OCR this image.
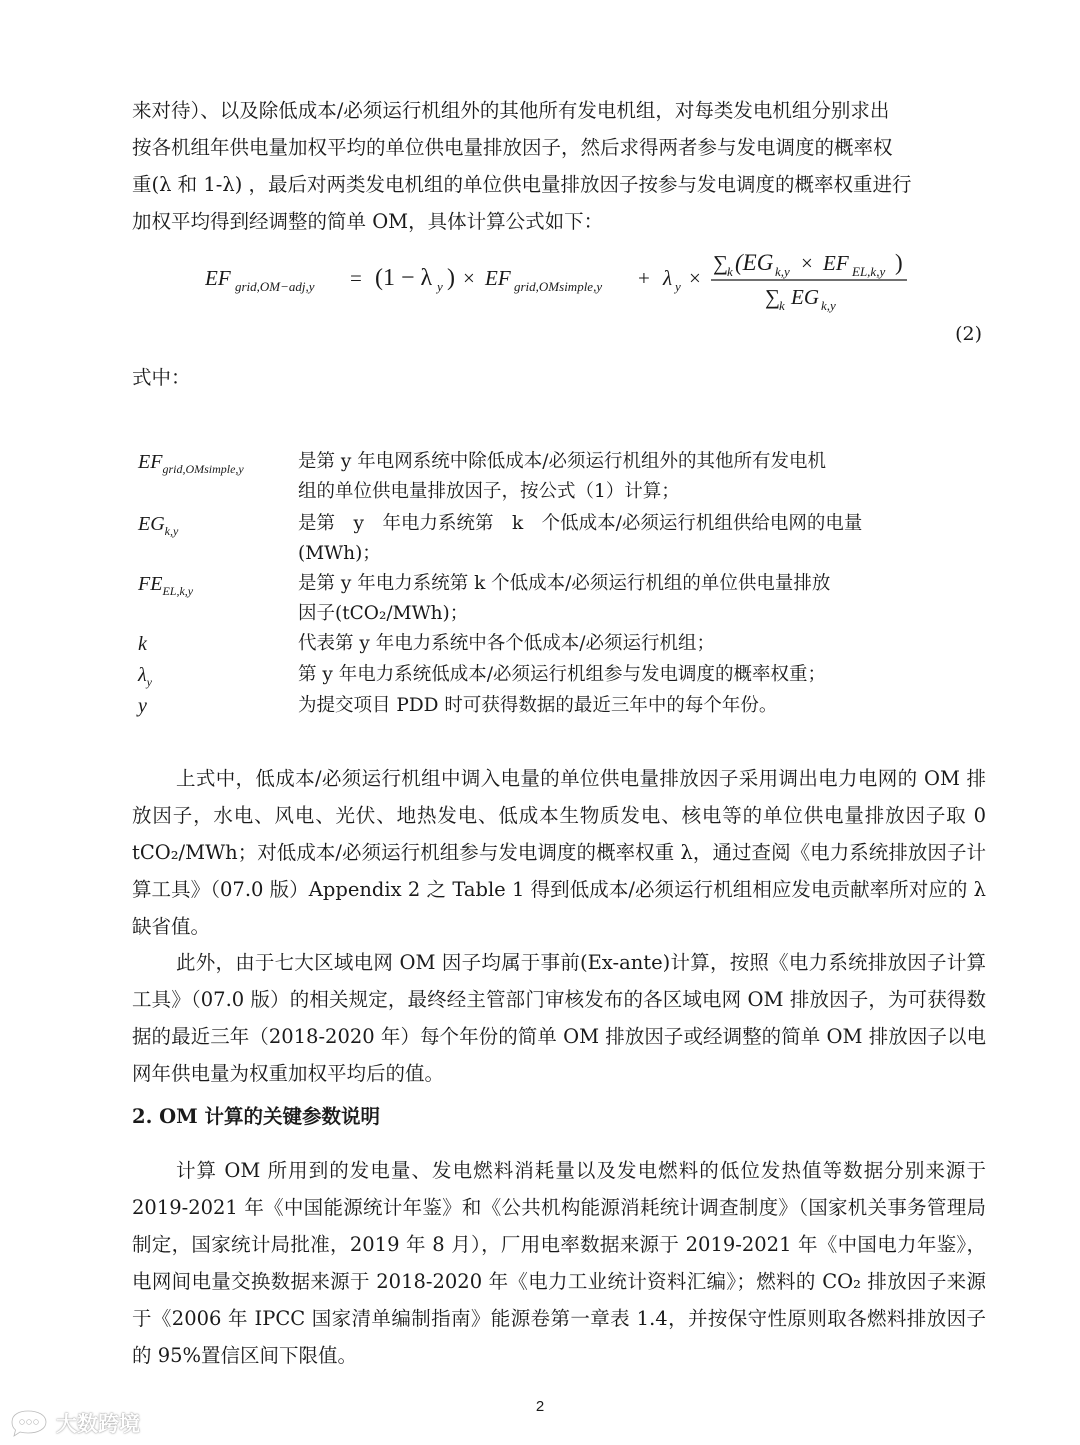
来对待）、以及除低成本/必须运行机组外的其他所有发电机组，对每类发电机组分别求出
按各机组年供电量加权平均的单位供电量排放因子，然后求得两者参与发电调度的概率权
重(λ 和 1-λ) ，最后对两类发电机组的单位供电量排放因子按参与发电调度的概率权重进行
加权平均得到经调整的简单 OM，具体计算公式如下：

EF grid,OM−adj,y = (1 − λ y ) × EF grid,OMsimple,y + λ y ×
∑ k (EG k,y × EF EL,k,y )
∑ k EG k,y
(2)
式中：
$EF_{grid,OMsimple,y}$	是第 y 年电网系统中除低成本/必须运行机组外的其他所有发电机
组的单位供电量排放因子，按公式（1）计算；
$EG_{k,y}$	是第　y　年电力系统第　k　个低成本/必须运行机组供给电网的电量
(MWh)；
$FE_{EL,k,y}$	是第 y 年电力系统第 k 个低成本/必须运行机组的单位供电量排放
因子(tCO₂/MWh)；
k	代表第 y 年电力系统中各个低成本/必须运行机组；
$\lambda_y$	第 y 年电力系统低成本/必须运行机组参与发电调度的概率权重；
y	为提交项目 PDD 时可获得数据的最近三年中的每个年份。

上式中，低成本/必须运行机组中调入电量的单位供电量排放因子采用调出电力电网的 OM 排放因子，水电、风电、光伏、地热发电、低成本生物质发电、核电等的单位供电量排放因子取 0 tCO₂/MWh；对低成本/必须运行机组参与发电调度的概率权重 λ，通过查阅《电力系统排放因子计算工具》（07.0 版）Appendix 2 之 Table 1 得到低成本/必须运行机组相应发电贡献率所对应的 λ 缺省值。

此外，由于七大区域电网 OM 因子均属于事前(Ex-ante)计算，按照《电力系统排放因子计算工具》（07.0 版）的相关规定，最终经主管部门审核发布的各区域电网 OM 排放因子，为可获得数据的最近三年（2018-2020 年）每个年份的简单 OM 排放因子或经调整的简单 OM 排放因子以电网年供电量为权重加权平均后的值。

2. OM 计算的关键参数说明

计算 OM 所用到的发电量、发电燃料消耗量以及发电燃料的低位发热值等数据分别来源于 2019-2021 年《中国能源统计年鉴》和《公共机构能源消耗统计调查制度》（国家机关事务管理局制定，国家统计局批准，2019 年 8 月），厂用电率数据来源于 2019-2021 年《中国电力年鉴》，电网间电量交换数据来源于 2018-2020 年《电力工业统计资料汇编》；燃料的 CO₂ 排放因子来源于《2006 年 IPCC 国家清单编制指南》能源卷第一章表 1.4，并按保守性原则取各燃料排放因子的 95%置信区间下限值。

2
大数跨境
